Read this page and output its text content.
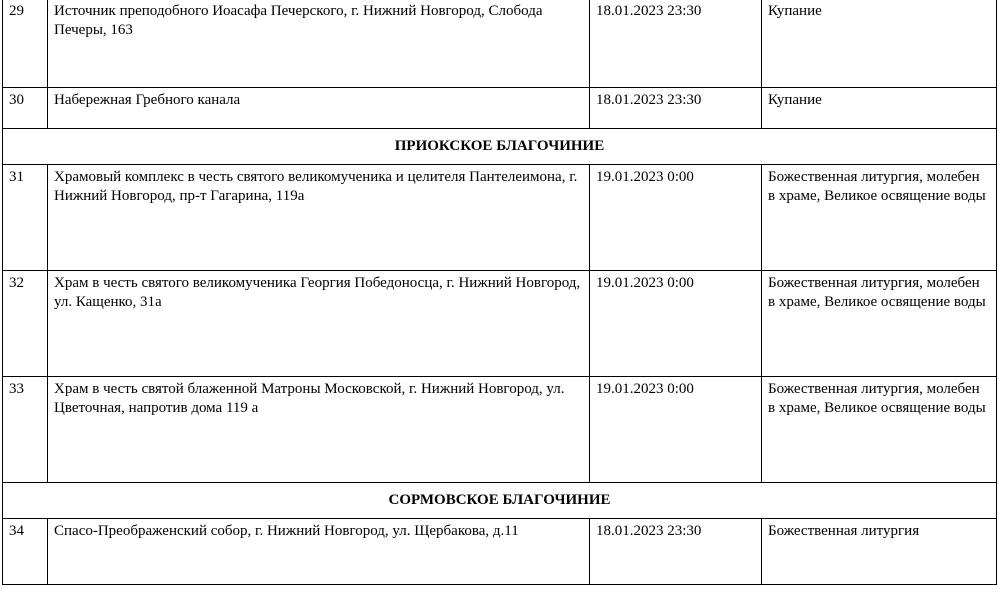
29	Источник преподобного Иоасафа Печерского, г. Нижний Новгород, Слобода Печеры, 163	18.01.2023 23:30	Купание
30	Набережная Гребного канала	18.01.2023 23:30	Купание
ПРИОКСКОЕ БЛАГОЧИНИЕ			
31	Храмовый комплекс в честь святого великомученика и целителя Пантелеимона, г. Нижний Новгород, пр-т Гагарина, 119а	19.01.2023 0:00	Божественная литургия, молебен в храме, Великое освящение воды
32	Храм в честь святого великомученика Георгия Победоносца, г. Нижний Новгород, ул. Кащенко, 31а	19.01.2023 0:00	Божественная литургия, молебен в храме, Великое освящение воды
33	Храм в честь святой блаженной Матроны Московской, г. Нижний Новгород, ул. Цветочная, напротив дома 119 а	19.01.2023 0:00	Божественная литургия, молебен в храме, Великое освящение воды
СОРМОВСКОЕ БЛАГОЧИНИЕ			
34	Спасо-Преображенский собор, г. Нижний Новгород, ул. Щербакова, д.11	18.01.2023 23:30	Божественная литургия
